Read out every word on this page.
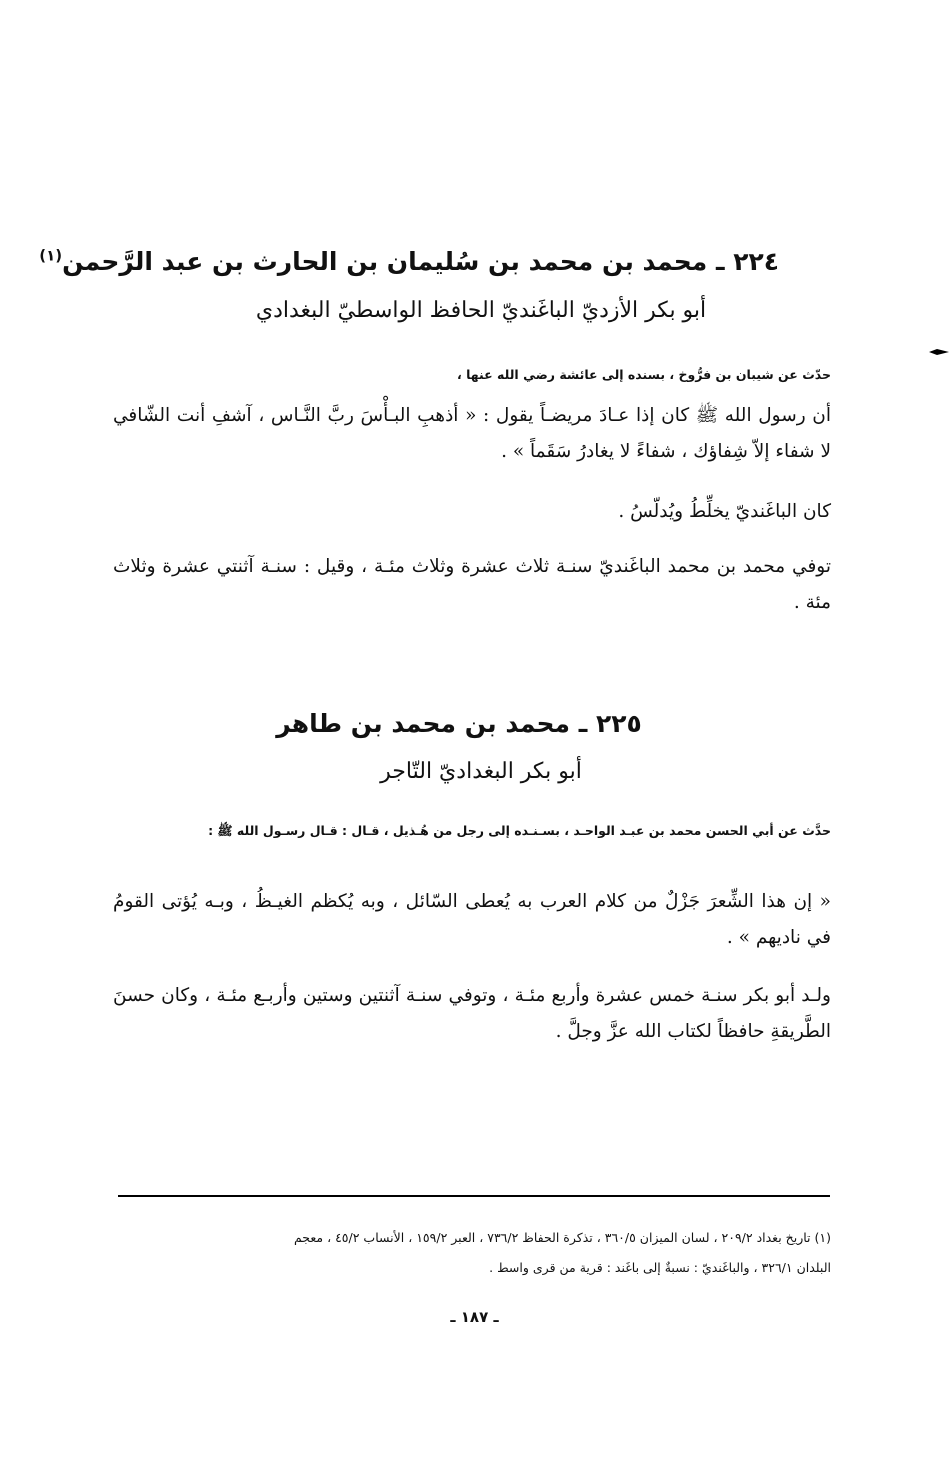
٢٢٤ ـ محمد بن محمد بن سُليمان بن الحارث بن عبد الرَّحمن$^{(١)}$
أبو بكر الأزديّ الباغَنديّ الحافظ الواسطيّ البغدادي
حدّث عن شيبان بن فرُّوخ ، بسنده إلى عائشة رضي الله عنها ،
أن رسول الله ﷺ كان إذا عـادَ مريضـاً يقول : « أذهبِ البـأْسَ ربَّ النَّـاس ، آشفِ أنت الشّافي لا شفاء إلاّ شِفاؤك ، شفاءً لا يغادرُ سَقَماً » .
كان الباغَنديّ يخلِّطُ ويُدلّسُ .
توفي محمد بن محمد الباغَنديّ سنـة ثلاث عشرة وثلاث مئـة ، وقيل : سنـة آثنتي عشرة وثلاث مئة .
٢٢٥ ـ محمد بن محمد بن طاهر
أبو بكر البغداديّ التّاجر
حدَّث عن أبي الحسن محمد بن عبـد الواحـد ، بسـنـده إلى رجل من هُـذيل ، قـال : قـال رسـول الله ﷺ :
« إن هذا الشِّعرَ جَزْلٌ من كلام العرب به يُعطى السّائل ، وبه يُكظم الغيـظُ ، وبـه يُؤتى القومُ في ناديهم » .
ولـد أبو بكر سنـة خمس عشرة وأربع مئـة ، وتوفي سنـة آثنتين وستين وأربـع مئـة ، وكان حسنَ الطَّريقةِ حافظاً لكتاب الله عزَّ وجلَّ .
(١) تاريخ بغداد ٢٠٩/٢ ، لسان الميزان ٣٦٠/٥ ، تذكرة الحفاظ ٧٣٦/٢ ، العبر ١٥٩/٢ ، الأنساب ٤٥/٢ ، معجم
البلدان ٣٢٦/١ ، والباغَنديّ : نسبةٌ إلى باغَند : قرية من قرى واسط .
ـ ١٨٧ ـ
